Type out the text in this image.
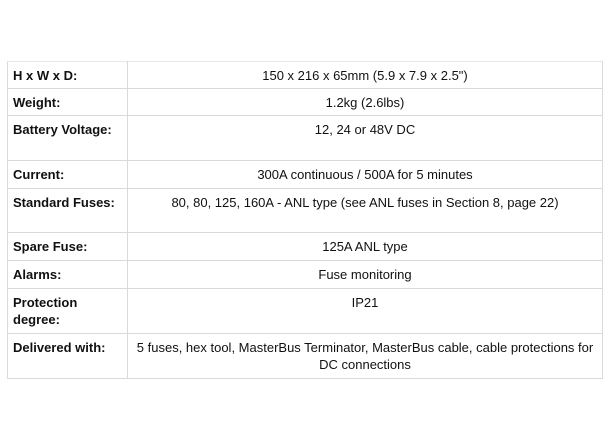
H x W x D:	150 x 216 x 65mm (5.9 x 7.9 x 2.5")
Weight:	1.2kg (2.6lbs)
Battery Voltage:	12, 24 or 48V DC
Current:	300A continuous / 500A for 5 minutes
Standard Fuses:	80, 80, 125, 160A - ANL type (see ANL fuses in Section 8, page 22)
Spare Fuse:	125A ANL type
Alarms:	Fuse monitoring
Protection degree:	IP21
Delivered with:	5 fuses, hex tool, MasterBus Terminator, MasterBus cable, cable protections for DC connections
